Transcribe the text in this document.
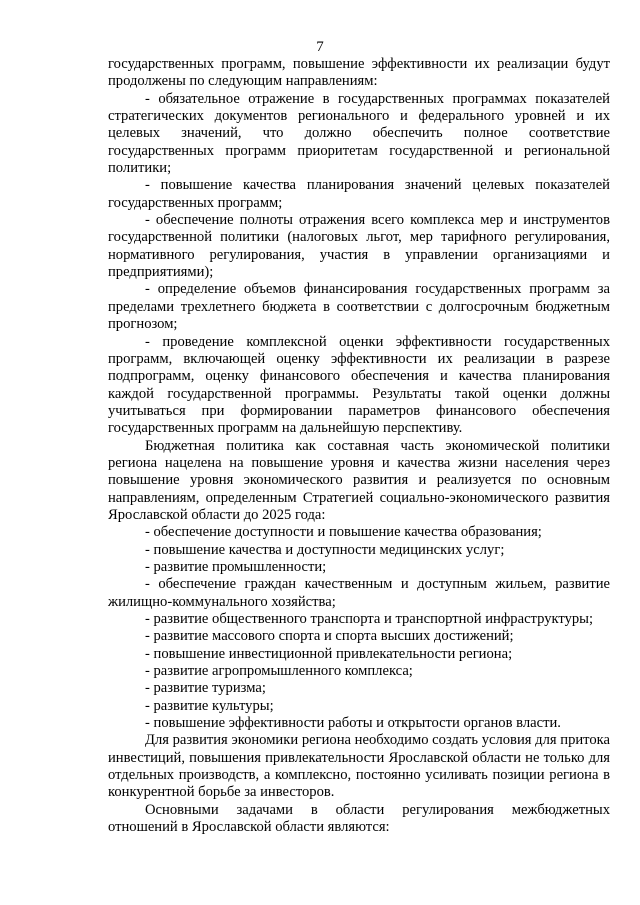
7

государственных программ, повышение эффективности их реализации будут продолжены по следующим направлениям:

- обязательное отражение в государственных программах показателей стратегических документов регионального и федерального уровней и их целевых значений, что должно обеспечить полное соответствие государственных программ приоритетам государственной и региональной политики;

- повышение качества планирования значений целевых показателей государственных программ;

- обеспечение полноты отражения всего комплекса мер и инструментов государственной политики (налоговых льгот, мер тарифного регулирования, нормативного регулирования, участия в управлении организациями и предприятиями);

- определение объемов финансирования государственных программ за пределами трехлетнего бюджета в соответствии с долгосрочным бюджетным прогнозом;

- проведение комплексной оценки эффективности государственных программ, включающей оценку эффективности их реализации в разрезе подпрограмм, оценку финансового обеспечения и качества планирования каждой государственной программы. Результаты такой оценки должны учитываться при формировании параметров финансового обеспечения государственных программ на дальнейшую перспективу.

Бюджетная политика как составная часть экономической политики региона нацелена на повышение уровня и качества жизни населения через повышение уровня экономического развития и реализуется по основным направлениям, определенным Стратегией социально-экономического развития Ярославской области до 2025 года:

- обеспечение доступности и повышение качества образования;

- повышение качества и доступности медицинских услуг;

- развитие промышленности;

- обеспечение граждан качественным и доступным жильем, развитие жилищно-коммунального хозяйства;

- развитие общественного транспорта и транспортной инфраструктуры;

- развитие массового спорта и спорта высших достижений;

- повышение инвестиционной привлекательности региона;

- развитие агропромышленного комплекса;

- развитие туризма;

- развитие культуры;

- повышение эффективности работы и открытости органов власти.

Для развития экономики региона необходимо создать условия для притока инвестиций, повышения привлекательности Ярославской области не только для отдельных производств, а комплексно, постоянно усиливать позиции региона в конкурентной борьбе за инвесторов.

Основными задачами в области регулирования межбюджетных отношений в Ярославской области являются:
